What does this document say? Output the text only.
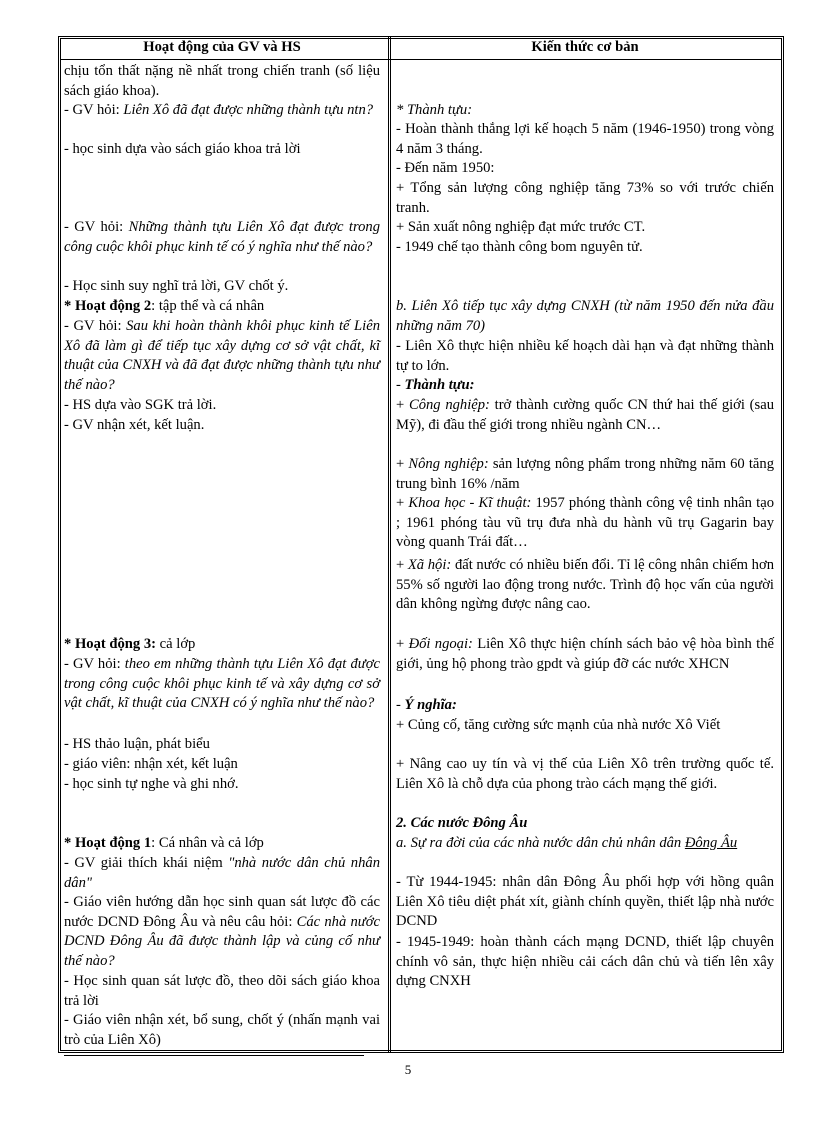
Hoạt động của GV và HS	Kiến thức cơ bản
chịu tổn thất nặng nề nhất trong chiến tranh (số liệu sách giáo khoa).
- GV hỏi: Liên Xô đã đạt được những thành tựu ntn?
- học sinh dựa vào sách giáo khoa trả lời
- GV hỏi: Những thành tựu Liên Xô đạt được trong công cuộc khôi phục kinh tế có ý nghĩa như thế nào?
- Học sinh suy nghĩ trả lời, GV chốt ý.
* Hoạt động 2: tập thể và cá nhân
- GV hỏi: Sau khi hoàn thành khôi phục kinh tế Liên Xô đã làm gì để tiếp tục xây dựng cơ sở vật chất, kĩ thuật của CNXH và đã đạt được những thành tựu như thế nào?
- HS dựa vào SGK trả lời.
- GV nhận xét, kết luận.
* Hoạt động 3: cả lớp
- GV hỏi: theo em những thành tựu Liên Xô đạt được trong công cuộc khôi phục kinh tế và xây dựng cơ sở vật chất, kĩ thuật của CNXH có ý nghĩa như thế nào?
- HS thảo luận, phát biểu
- giáo viên: nhận xét, kết luận
- học sinh tự nghe và ghi nhớ.
* Hoạt động 1: Cá nhân và cả lớp
- GV giải thích khái niệm "nhà nước dân chủ nhân dân"
- Giáo viên hướng dẫn học sinh quan sát lược đồ các nước DCND Đông Âu và nêu câu hỏi: Các nhà nước DCND Đông Âu đã được thành lập và củng cố như thế nào?
- Học sinh quan sát lược đồ, theo dõi sách giáo khoa trả lời
- Giáo viên nhận xét, bổ sung, chốt ý (nhấn mạnh vai trò của Liên Xô)
* Thành tựu:
- Hoàn thành thắng lợi kế hoạch 5 năm (1946-1950) trong vòng 4 năm 3 tháng.
- Đến năm 1950:
+ Tổng sản lượng công nghiệp tăng 73% so với trước chiến tranh.
+ Sản xuất nông nghiệp đạt mức trước CT.
- 1949 chế tạo thành công bom nguyên tử.
b. Liên Xô tiếp tục xây dựng CNXH (từ năm 1950 đến nửa đầu những năm 70)
- Liên Xô thực hiện nhiều kế hoạch dài hạn và đạt những thành tự to lớn.
- Thành tựu:
+ Công nghiệp: trở thành cường quốc CN thứ hai thế giới (sau Mỹ), đi đầu thế giới trong nhiều ngành CN…
+ Nông nghiệp: sản lượng nông phẩm trong những năm 60 tăng trung bình 16% /năm
+ Khoa học - Kĩ thuật: 1957 phóng thành công vệ tinh nhân tạo ; 1961 phóng tàu vũ trụ đưa nhà du hành vũ trụ Gagarin bay vòng quanh Trái đất…
+ Xã hội: đất nước có nhiều biến đổi. Tỉ lệ công nhân chiếm hơn 55% số người lao động trong nước. Trình độ học vấn của người dân không ngừng được nâng cao.
+ Đối ngoại: Liên Xô thực hiện chính sách bảo vệ hòa bình thế giới, ủng hộ phong trào gpdt và giúp đỡ các nước XHCN
- Ý nghĩa:
+ Củng cố, tăng cường sức mạnh của nhà nước Xô Viết
+ Nâng cao uy tín và vị thế của Liên Xô trên trường quốc tế. Liên Xô là chỗ dựa của phong trào cách mạng thế giới.
2. Các nước Đông Âu
a. Sự ra đời của các nhà nước dân chủ nhân dân Đông Âu
- Từ 1944-1945: nhân dân Đông Âu phối hợp với hồng quân Liên Xô tiêu diệt phát xít, giành chính quyền, thiết lập nhà nước DCND
- 1945-1949: hoàn thành cách mạng DCND, thiết lập chuyên chính vô sản, thực hiện nhiều cải cách dân chủ và tiến lên xây dựng CNXH
5
